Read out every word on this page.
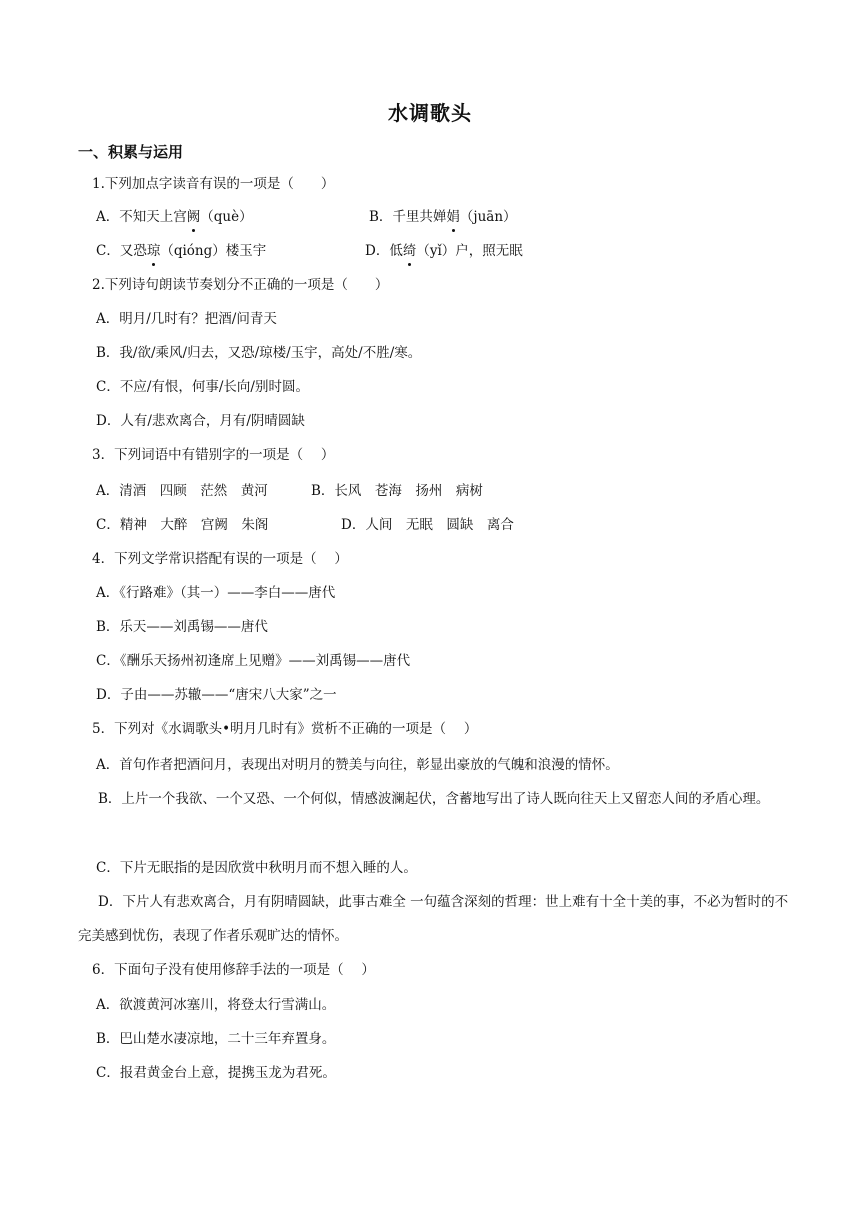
水调歌头
一、积累与运用
1.下列加点字读音有误的一项是（　　）
A．不知天上宫阙（què）	B．千里共婵娟（juān）
C．又恐琼（qióng）楼玉宇	D．低绮（yǐ）户，照无眠
2.下列诗句朗读节奏划分不正确的一项是（　　）
A．明月/几时有？把酒/问青天
B．我/欲/乘风/归去，又恐/琼楼/玉宇，高处/不胜/寒。
C．不应/有恨，何事/长向/别时圆。
D．人有/悲欢离合，月有/阴晴圆缺
3．下列词语中有错别字的一项是（　 ）
A．清酒　四顾　茫然　黄河	B．长风　苍海　扬州　病树
C．精神　大醉　宫阙　朱阁	D．人间　无眠　圆缺　离合
4．下列文学常识搭配有误的一项是（　 ）
A．《行路难》（其一）——李白——唐代
B．乐天——刘禹锡——唐代
C．《酬乐天扬州初逢席上见赠》——刘禹锡——唐代
D．子由——苏辙——“唐宋八大家”之一
5．下列对《水调歌头•明月几时有》赏析不正确的一项是（　 ）
A．首句作者把酒问月，表现出对明月的赞美与向往，彰显出豪放的气魄和浪漫的情怀。
B．上片一个我欲、一个又恐、一个何似，情感波澜起伏，含蓄地写出了诗人既向往天上又留恋人间的矛盾心理。
C．下片无眠指的是因欣赏中秋明月而不想入睡的人。
D．下片人有悲欢离合，月有阴晴圆缺，此事古难全 一句蕴含深刻的哲理：世上难有十全十美的事，不必为暂时的不完美感到忧伤，表现了作者乐观旷达的情怀。
6．下面句子没有使用修辞手法的一项是（　 ）
A．欲渡黄河冰塞川，将登太行雪满山。
B．巴山楚水凄凉地，二十三年弃置身。
C．报君黄金台上意，提携玉龙为君死。
